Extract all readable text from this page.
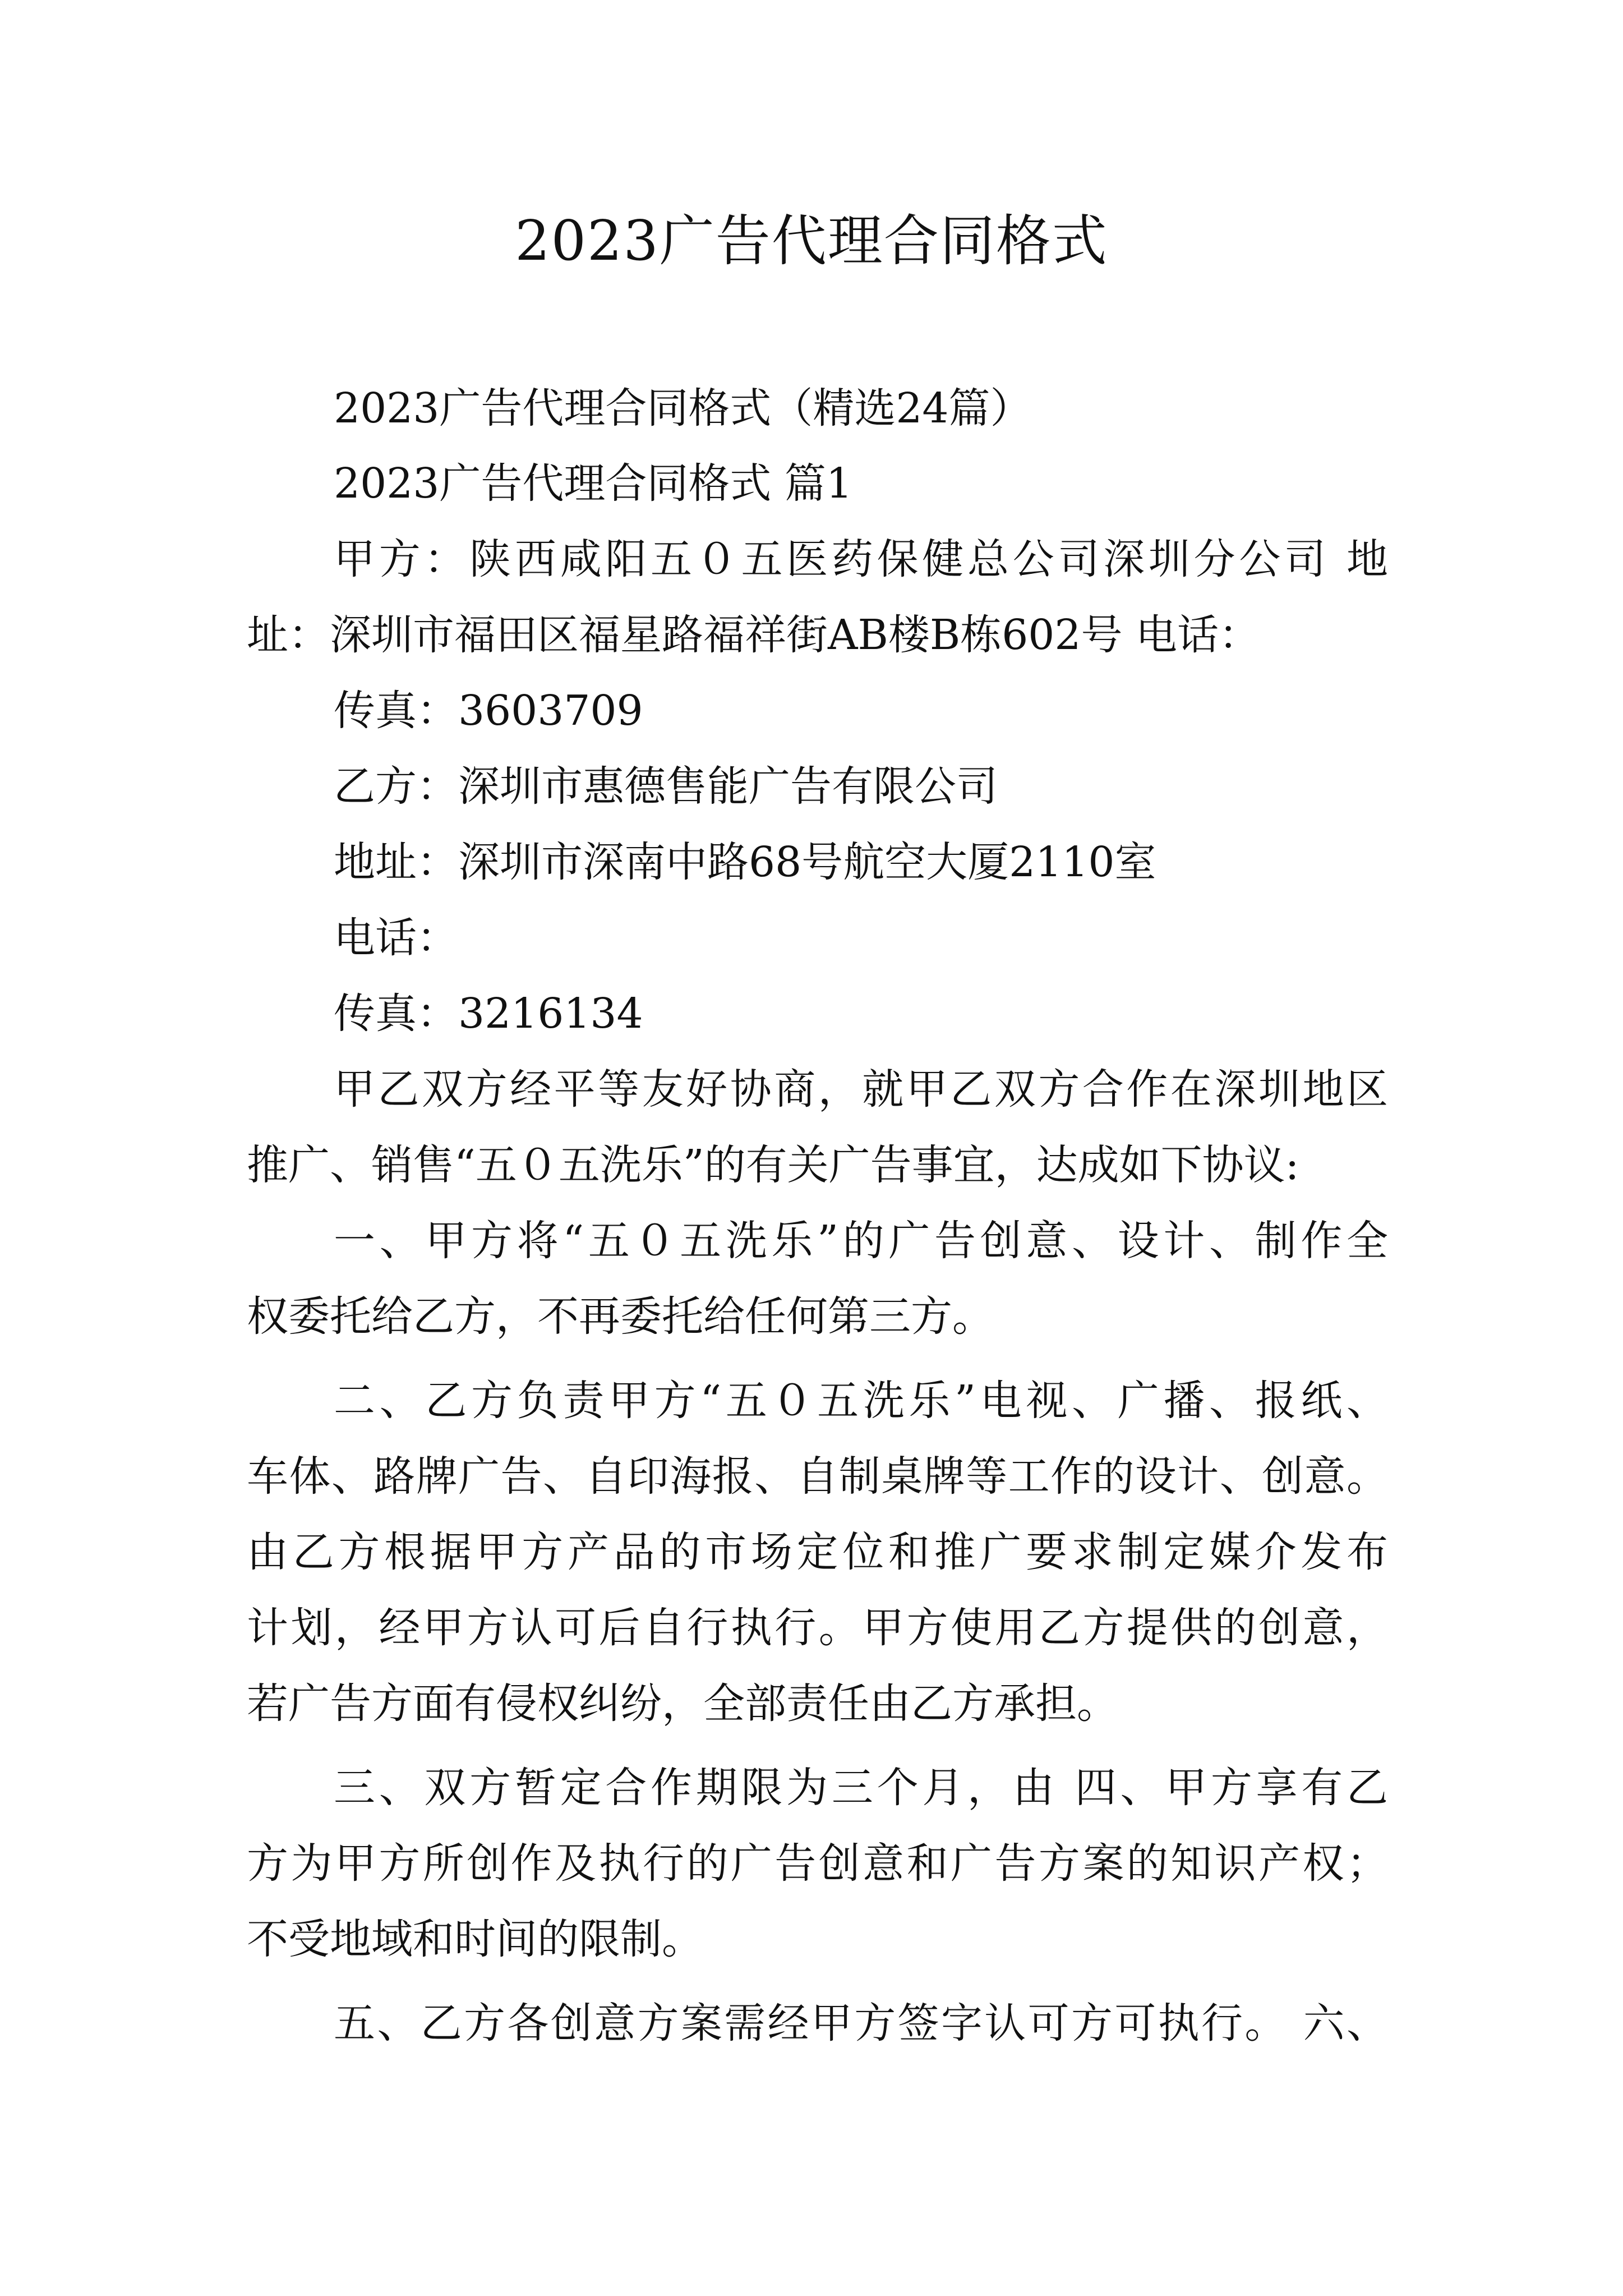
2023广告代理合同格式

2023广告代理合同格式（精选24篇）

2023广告代理合同格式 篇1

甲方：陕西咸阳五０五医药保健总公司深圳分公司 地

址：深圳市福田区福星路福祥街AB楼B栋602号 电话：

传真：3603709

乙方：深圳市惠德售能广告有限公司

地址：深圳市深南中路68号航空大厦2110室

电话：

传真：3216134

甲乙双方经平等友好协商，就甲乙双方合作在深圳地区

推广、销售“五０五洗乐”的有关广告事宜，达成如下协议:

一、甲方将“五０五洗乐”的广告创意、设计、制作全

权委托给乙方，不再委托给任何第三方。

二、乙方负责甲方“五０五洗乐”电视、广播、报纸、

车体、路牌广告、自印海报、自制桌牌等工作的设计、创意。

由乙方根据甲方产品的市场定位和推广要求制定媒介发布

计划，经甲方认可后自行执行。甲方使用乙方提供的创意，

若广告方面有侵权纠纷，全部责任由乙方承担。

三、双方暂定合作期限为三个月，由 四、甲方享有乙

方为甲方所创作及执行的广告创意和广告方案的知识产权；

不受地域和时间的限制。

五、乙方各创意方案需经甲方签字认可方可执行。 六、
